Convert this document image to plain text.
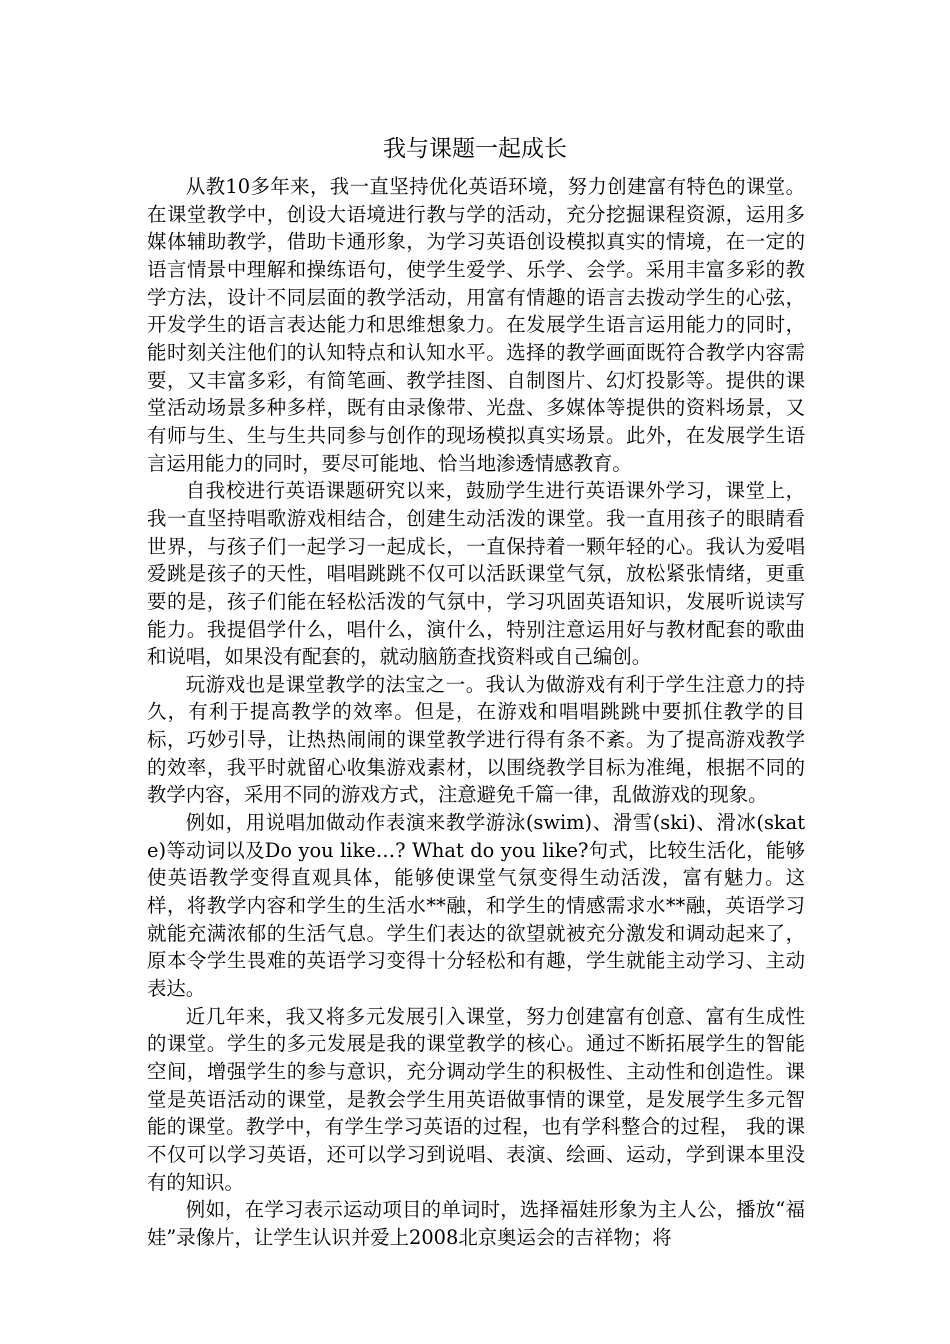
我与课题一起成长

从教10多年来，我一直坚持优化英语环境，努力创建富有特色的课堂。在课堂教学中，创设大语境进行教与学的活动，充分挖掘课程资源，运用多媒体辅助教学，借助卡通形象，为学习英语创设模拟真实的情境，在一定的语言情景中理解和操练语句，使学生爱学、乐学、会学。采用丰富多彩的教学方法，设计不同层面的教学活动，用富有情趣的语言去拨动学生的心弦，开发学生的语言表达能力和思维想象力。在发展学生语言运用能力的同时，能时刻关注他们的认知特点和认知水平。选择的教学画面既符合教学内容需要，又丰富多彩，有简笔画、教学挂图、自制图片、幻灯投影等。提供的课堂活动场景多种多样，既有由录像带、光盘、多媒体等提供的资料场景，又有师与生、生与生共同参与创作的现场模拟真实场景。此外，在发展学生语言运用能力的同时，要尽可能地、恰当地渗透情感教育。

自我校进行英语课题研究以来，鼓励学生进行英语课外学习，课堂上，我一直坚持唱歌游戏相结合，创建生动活泼的课堂。我一直用孩子的眼睛看世界，与孩子们一起学习一起成长，一直保持着一颗年轻的心。我认为爱唱爱跳是孩子的天性，唱唱跳跳不仅可以活跃课堂气氛，放松紧张情绪，更重要的是，孩子们能在轻松活泼的气氛中，学习巩固英语知识，发展听说读写能力。我提倡学什么，唱什么，演什么，特别注意运用好与教材配套的歌曲和说唱，如果没有配套的，就动脑筋查找资料或自己编创。

玩游戏也是课堂教学的法宝之一。我认为做游戏有利于学生注意力的持久，有利于提高教学的效率。但是，在游戏和唱唱跳跳中要抓住教学的目标，巧妙引导，让热热闹闹的课堂教学进行得有条不紊。为了提高游戏教学的效率，我平时就留心收集游戏素材，以围绕教学目标为准绳，根据不同的教学内容，采用不同的游戏方式，注意避免千篇一律，乱做游戏的现象。

例如，用说唱加做动作表演来教学游泳(swim)、滑雪(ski)、滑冰(skate)等动词以及Do you like…? What do you like?句式，比较生活化，能够使英语教学变得直观具体，能够使课堂气氛变得生动活泼，富有魅力。这样，将教学内容和学生的生活水**融，和学生的情感需求水**融，英语学习就能充满浓郁的生活气息。学生们表达的欲望就被充分激发和调动起来了，原本令学生畏难的英语学习变得十分轻松和有趣，学生就能主动学习、主动表达。

近几年来，我又将多元发展引入课堂，努力创建富有创意、富有生成性的课堂。学生的多元发展是我的课堂教学的核心。通过不断拓展学生的智能空间，增强学生的参与意识，充分调动学生的积极性、主动性和创造性。课堂是英语活动的课堂，是教会学生用英语做事情的课堂，是发展学生多元智能的课堂。教学中，有学生学习英语的过程，也有学科整合的过程， 我的课不仅可以学习英语，还可以学习到说唱、表演、绘画、运动，学到课本里没有的知识。

例如，在学习表示运动项目的单词时，选择福娃形象为主人公，播放“福娃”录像片，让学生认识并爱上2008北京奥运会的吉祥物；将
